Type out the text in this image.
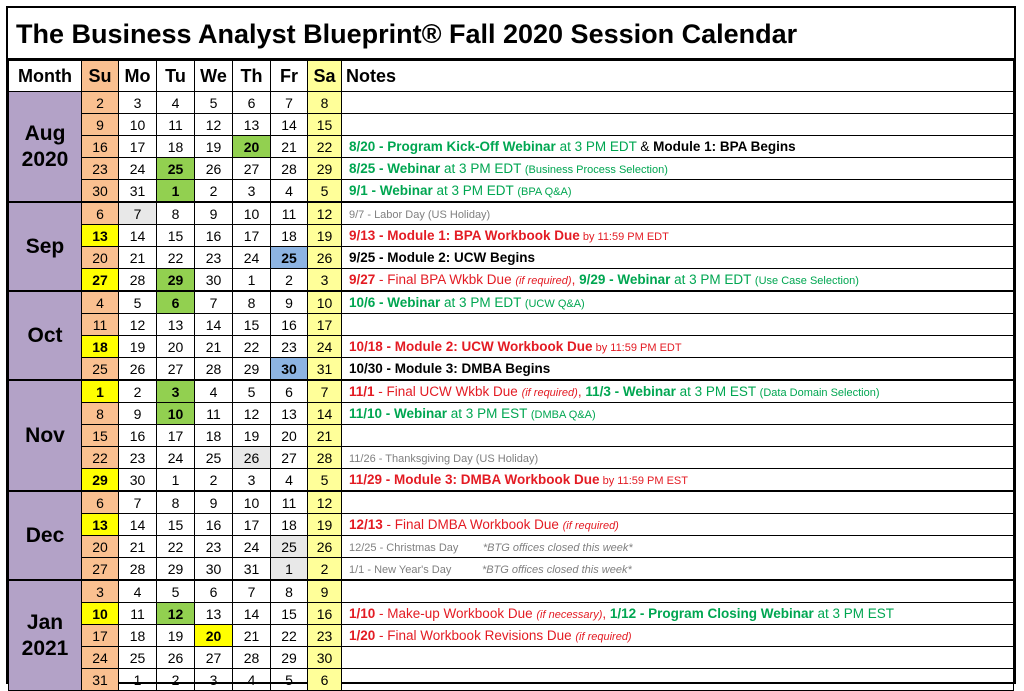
The Business Analyst Blueprint® Fall 2020 Session Calendar
Month	Su	Mo	Tu	We	Th	Fr	Sa	Notes
Aug 2020	2	3	4	5	6	7	8	
	9	10	11	12	13	14	15	
	16	17	18	19	20	21	22	8/20 - Program Kick-Off Webinar at 3 PM EDT & Module 1: BPA Begins
	23	24	25	26	27	28	29	8/25 - Webinar at 3 PM EDT (Business Process Selection)
	30	31	1	2	3	4	5	9/1 - Webinar at 3 PM EDT (BPA Q&A)
Sep	6	7	8	9	10	11	12	9/7 - Labor Day (US Holiday)
	13	14	15	16	17	18	19	9/13 - Module 1: BPA Workbook Due by 11:59 PM EDT
	20	21	22	23	24	25	26	9/25 - Module 2: UCW Begins
	27	28	29	30	1	2	3	9/27 - Final BPA Wkbk Due (if required), 9/29 - Webinar at 3 PM EDT (Use Case Selection)
Oct	4	5	6	7	8	9	10	10/6 - Webinar at 3 PM EDT (UCW Q&A)
	11	12	13	14	15	16	17	
	18	19	20	21	22	23	24	10/18 - Module 2: UCW Workbook Due by 11:59 PM EDT
	25	26	27	28	29	30	31	10/30 - Module 3: DMBA Begins
Nov	1	2	3	4	5	6	7	11/1 - Final UCW Wkbk Due (if required), 11/3 - Webinar at 3 PM EST (Data Domain Selection)
	8	9	10	11	12	13	14	11/10 - Webinar at 3 PM EST (DMBA Q&A)
	15	16	17	18	19	20	21	
	22	23	24	25	26	27	28	11/26 - Thanksgiving Day (US Holiday)
	29	30	1	2	3	4	5	11/29 - Module 3: DMBA Workbook Due by 11:59 PM EST
Dec	6	7	8	9	10	11	12	
	13	14	15	16	17	18	19	12/13 - Final DMBA Workbook Due (if required)
	20	21	22	23	24	25	26	12/25 - Christmas Day        *BTG offices closed this week*
	27	28	29	30	31	1	2	1/1 - New Year's Day          *BTG offices closed this week*
Jan 2021	3	4	5	6	7	8	9	
	10	11	12	13	14	15	16	1/10 - Make-up Workbook Due (if necessary), 1/12 - Program Closing Webinar at 3 PM EST
	17	18	19	20	21	22	23	1/20 - Final Workbook Revisions Due (if required)
	24	25	26	27	28	29	30	
	31	1	2	3	4	5	6	
